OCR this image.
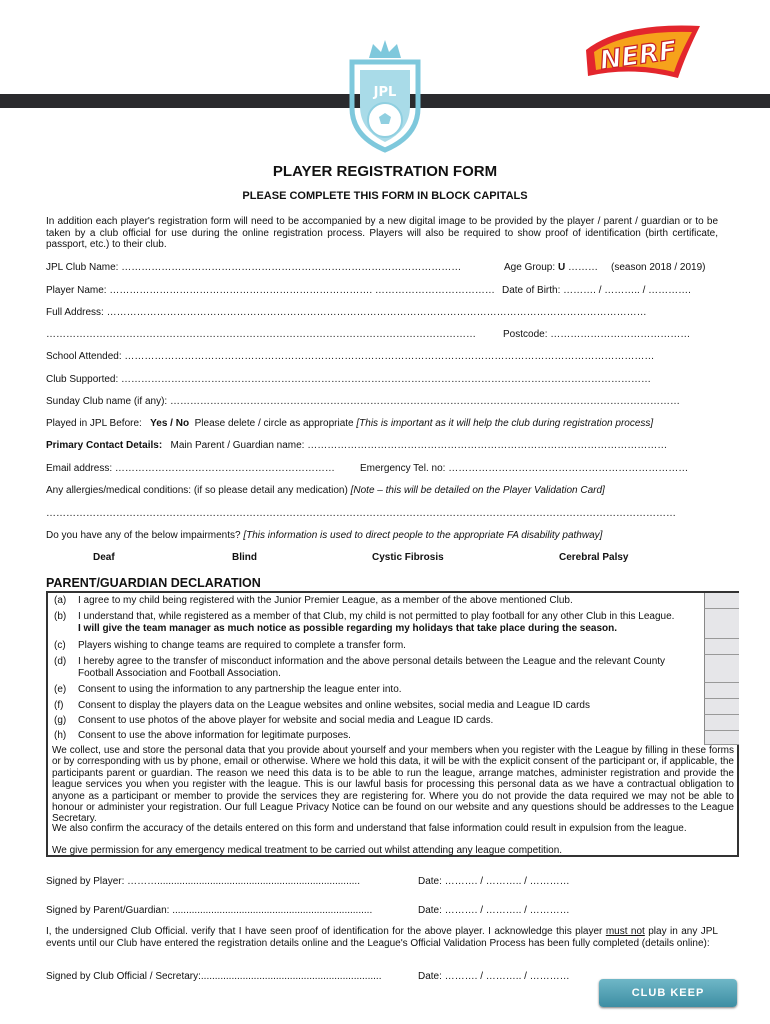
JPL
NERF
PLAYER REGISTRATION FORM
PLEASE COMPLETE THIS FORM IN BLOCK CAPITALS
In addition each player's registration form will need to be accompanied by a new digital image to be provided by the player / parent / guardian or to be taken by a club official for use during the online registration process. Players will also be required to show proof of identification (birth certificate, passport, etc.) to their club.
JPL Club Name: …………………………………………………………………………………………	Age Group: U ……… (season 2018 / 2019)
Player Name: ……………………………………………………………………. ……………………………… Date of Birth: ………. / ……….. / ………….
Full Address: ………………………………………………………………………………………………………………………………………………
…………………………………………………………………………………………………………………	Postcode: ……………………………………
School Attended: ……………………………………………………………………………………………………………………………………………
Club Supported: ……………………………………………………………………………………………………………………………………………
Sunday Club name (if any): ………………………………………………………………………………………………………………………………………
Played in JPL Before: Yes / No Please delete / circle as appropriate [This is important as it will help the club during registration process]
Primary Contact Details: Main Parent / Guardian name: ………………………………………………………………………………………………
Email address: …………………………………………………………	Emergency Tel. no: ………………………………………………………………
Any allergies/medical conditions: (if so please detail any medication) [Note – this will be detailed on the Player Validation Card]
………………………………………………………………………………………………………………………………………………………………………
Do you have any of the below impairments? [This information is used to direct people to the appropriate FA disability pathway]
Deaf	Blind	Cystic Fibrosis	Cerebral Palsy
PARENT/GUARDIAN DECLARATION
(a) I agree to my child being registered with the Junior Premier League, as a member of the above mentioned Club.
(b) I understand that, while registered as a member of that Club, my child is not permitted to play football for any other Club in this League.
I will give the team manager as much notice as possible regarding my holidays that take place during the season.
(c) Players wishing to change teams are required to complete a transfer form.
(d) I hereby agree to the transfer of misconduct information and the above personal details between the League and the relevant County Football Association and Football Association.
(e) Consent to using the information to any partnership the league enter into.
(f) Consent to display the players data on the League websites and online websites, social media and League ID cards
(g) Consent to use photos of the above player for website and social media and League ID cards.
(h) Consent to use the above information for legitimate purposes.
We collect, use and store the personal data that you provide about yourself and your members when you register with the League by filling in these forms or by corresponding with us by phone, email or otherwise. Where we hold this data, it will be with the explicit consent of the participant or, if applicable, the participants parent or guardian. The reason we need this data is to be able to run the league, arrange matches, administer registration and provide the league services you when you register with the league. This is our lawful basis for processing this personal data as we have a contractual obligation to anyone as a participant or member to provide the services they are registering for. Where you do not provide the data required we may not be able to honour or administer your registration. Our full League Privacy Notice can be found on our website and any questions should be addresses to the League Secretary.
We also confirm the accuracy of the details entered on this form and understand that false information could result in expulsion from the league.
We give permission for any emergency medical treatment to be carried out whilst attending any league competition.
Signed by Player: ……….........................................................................	Date: ………. / ……….. / …………
Signed by Parent/Guardian: ........................................................................	Date: ………. / ……….. / …………
I, the undersigned Club Official. verify that I have seen proof of identification for the above player. I acknowledge this player must not play in any JPL events until our Club have entered the registration details online and the League's Official Validation Process has been fully completed (details online):
Signed by Club Official / Secretary:.................................................................	Date: ………. / ……….. / …………
CLUB KEEP
